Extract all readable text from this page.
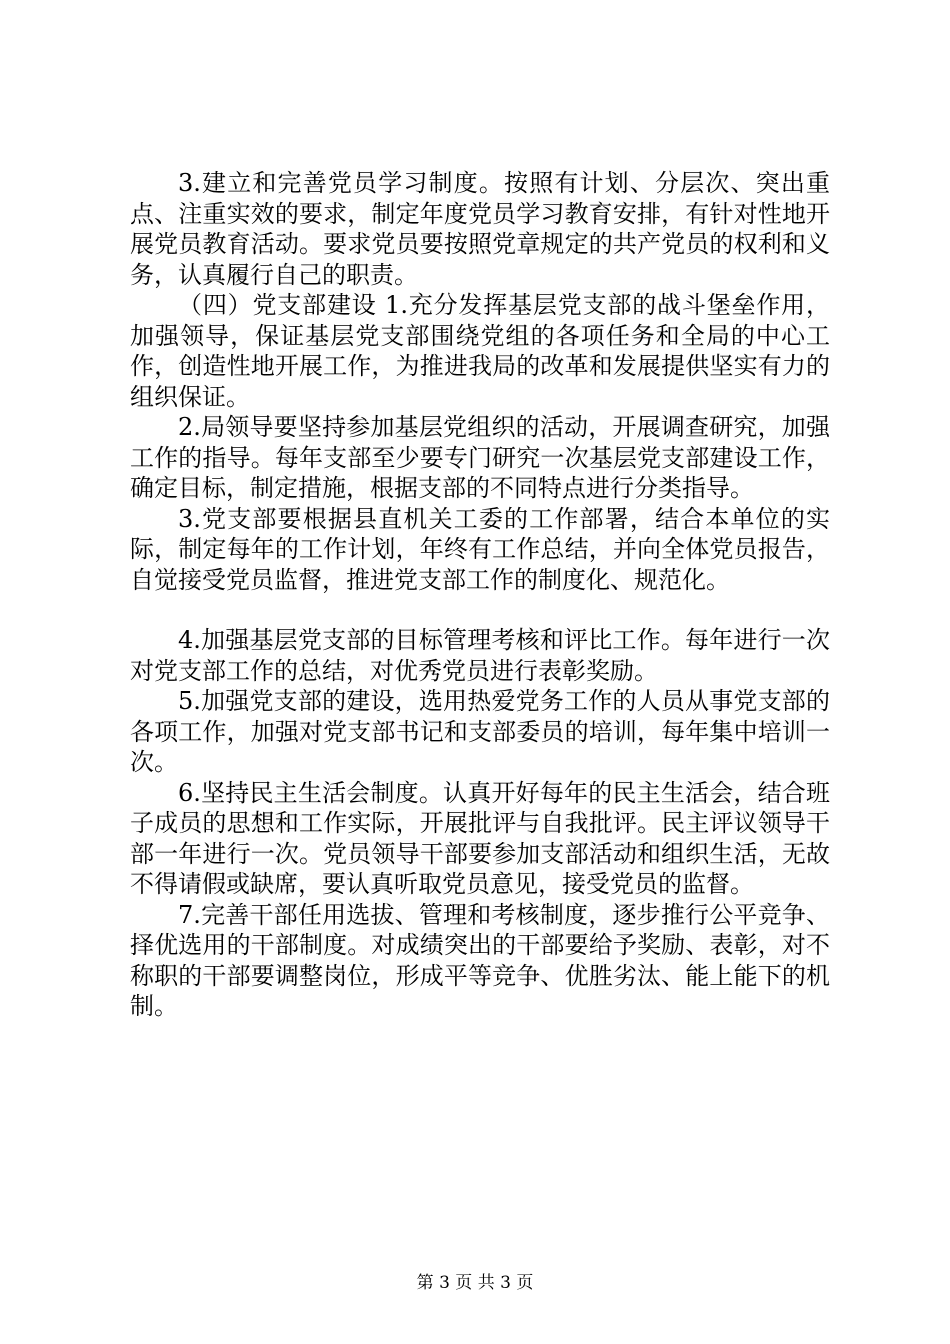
3.建立和完善党员学习制度。按照有计划、分层次、突出重点、注重实效的要求，制定年度党员学习教育安排，有针对性地开展党员教育活动。要求党员要按照党章规定的共产党员的权利和义务，认真履行自己的职责。

（四）党支部建设 1.充分发挥基层党支部的战斗堡垒作用，加强领导，保证基层党支部围绕党组的各项任务和全局的中心工作，创造性地开展工作，为推进我局的改革和发展提供坚实有力的组织保证。

2.局领导要坚持参加基层党组织的活动，开展调查研究，加强工作的指导。每年支部至少要专门研究一次基层党支部建设工作，确定目标，制定措施，根据支部的不同特点进行分类指导。

3.党支部要根据县直机关工委的工作部署，结合本单位的实际，制定每年的工作计划，年终有工作总结，并向全体党员报告，自觉接受党员监督，推进党支部工作的制度化、规范化。

4.加强基层党支部的目标管理考核和评比工作。每年进行一次对党支部工作的总结，对优秀党员进行表彰奖励。

5.加强党支部的建设，选用热爱党务工作的人员从事党支部的各项工作，加强对党支部书记和支部委员的培训，每年集中培训一次。

6.坚持民主生活会制度。认真开好每年的民主生活会，结合班子成员的思想和工作实际，开展批评与自我批评。民主评议领导干部一年进行一次。党员领导干部要参加支部活动和组织生活，无故不得请假或缺席，要认真听取党员意见，接受党员的监督。

7.完善干部任用选拔、管理和考核制度，逐步推行公平竞争、择优选用的干部制度。对成绩突出的干部要给予奖励、表彰，对不称职的干部要调整岗位，形成平等竞争、优胜劣汰、能上能下的机制。

第 3 页 共 3 页
